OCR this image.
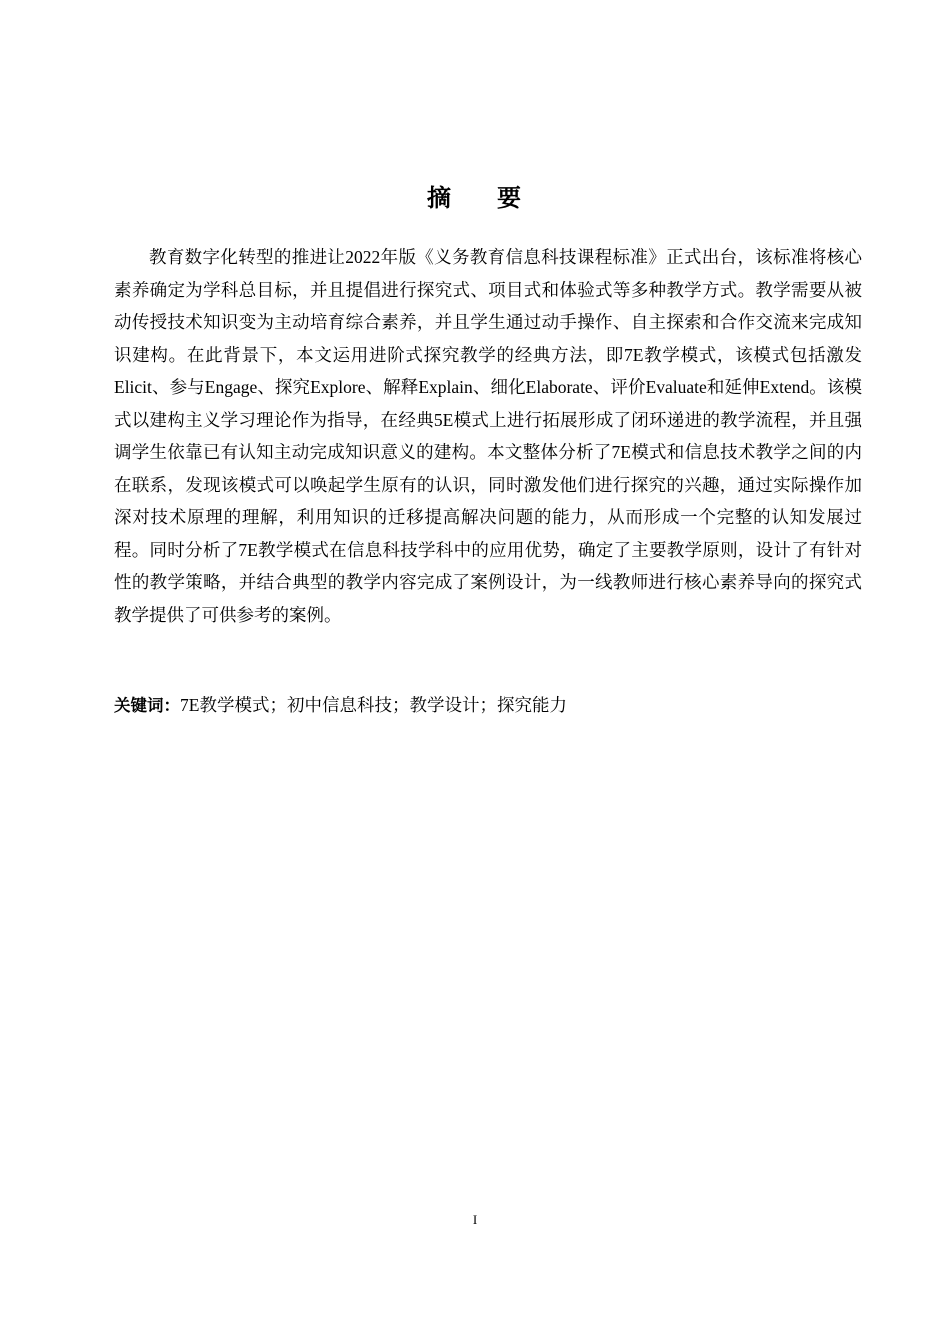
摘 要

教育数字化转型的推进让2022年版《义务教育信息科技课程标准》正式出台，该标准将核心素养确定为学科总目标，并且提倡进行探究式、项目式和体验式等多种教学方式。教学需要从被动传授技术知识变为主动培育综合素养，并且学生通过动手操作、自主探索和合作交流来完成知识建构。在此背景下，本文运用进阶式探究教学的经典方法，即7E教学模式，该模式包括激发Elicit、参与Engage、探究Explore、解释Explain、细化Elaborate、评价Evaluate和延伸Extend。该模式以建构主义学习理论作为指导，在经典5E模式上进行拓展形成了闭环递进的教学流程，并且强调学生依靠已有认知主动完成知识意义的建构。本文整体分析了7E模式和信息技术教学之间的内在联系，发现该模式可以唤起学生原有的认识，同时激发他们进行探究的兴趣，通过实际操作加深对技术原理的理解，利用知识的迁移提高解决问题的能力，从而形成一个完整的认知发展过程。同时分析了7E教学模式在信息科技学科中的应用优势，确定了主要教学原则，设计了有针对性的教学策略，并结合典型的教学内容完成了案例设计，为一线教师进行核心素养导向的探究式教学提供了可供参考的案例。

关键词：7E教学模式；初中信息科技；教学设计；探究能力

I
